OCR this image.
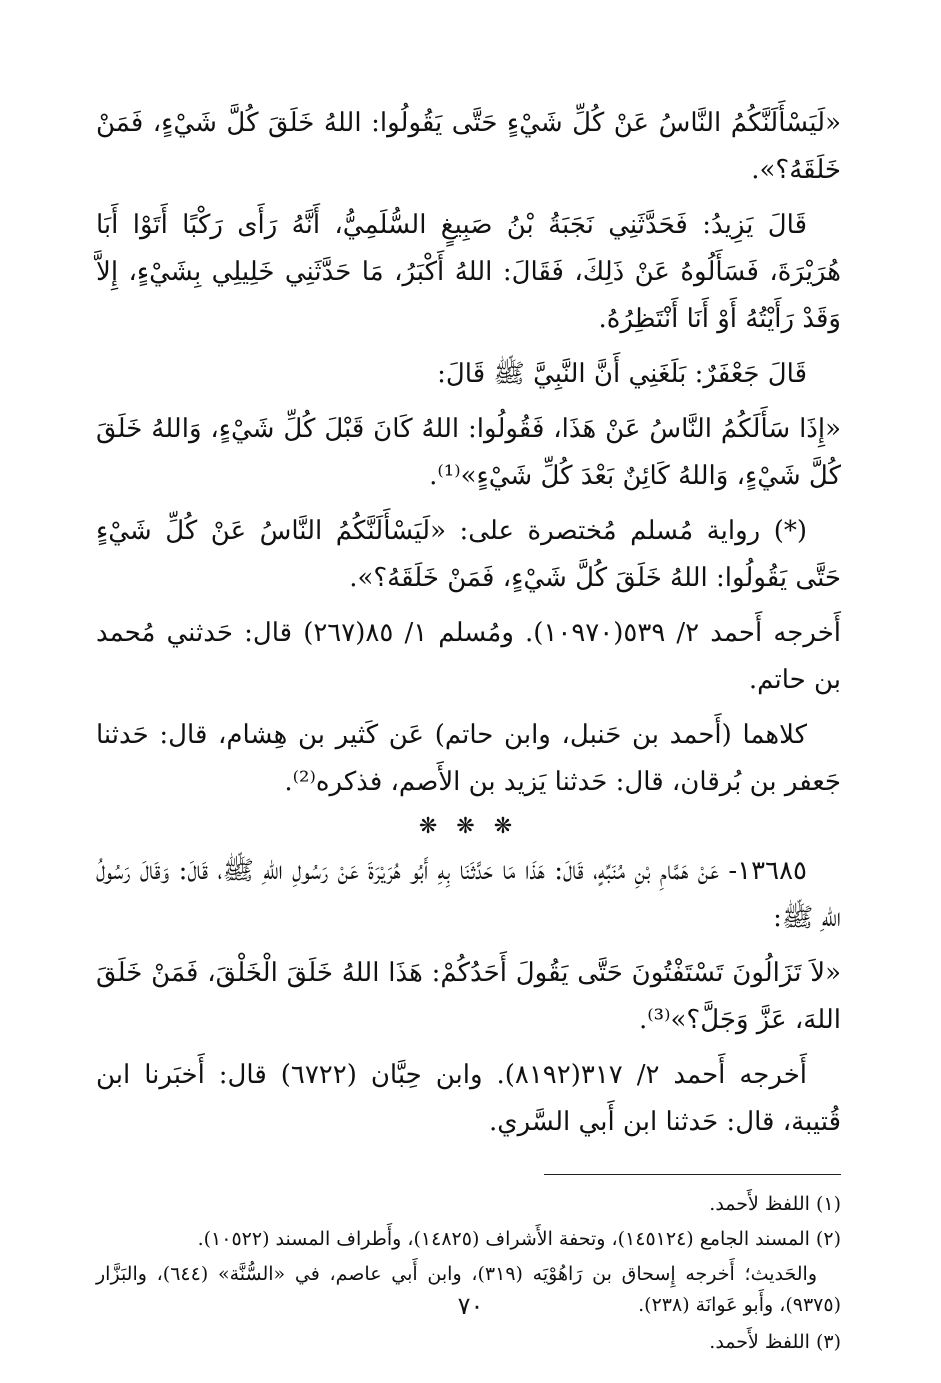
«لَيَسْأَلَنَّكُمُ النَّاسُ عَنْ كُلِّ شَيْءٍ حَتَّى يَقُولُوا: اللهُ خَلَقَ كُلَّ شَيْءٍ، فَمَنْ خَلَقَهُ؟».

قَالَ يَزِيدُ: فَحَدَّثَنِي نَجَبَةُ بْنُ صَبِيغٍ السُّلَمِيُّ، أَنَّهُ رَأَى رَكْبًا أَتَوْا أَبَا هُرَيْرَةَ، فَسَأَلُوهُ عَنْ ذَلِكَ، فَقَالَ: اللهُ أَكْبَرُ، مَا حَدَّثَنِي خَلِيلِي بِشَيْءٍ، إِلاَّ وَقَدْ رَأَيْتُهُ أَوْ أَنَا أَنْتَظِرُهُ.

قَالَ جَعْفَرٌ: بَلَغَنِي أَنَّ النَّبِيَّ ﷺ قَالَ:

«إِذَا سَأَلَكُمُ النَّاسُ عَنْ هَذَا، فَقُولُوا: اللهُ كَانَ قَبْلَ كُلِّ شَيْءٍ، وَاللهُ خَلَقَ كُلَّ شَيْءٍ، وَاللهُ كَائِنٌ بَعْدَ كُلِّ شَيْءٍ»⁽¹⁾.

(*) رواية مُسلم مُختصرة على: «لَيَسْأَلَنَّكُمُ النَّاسُ عَنْ كُلِّ شَيْءٍ حَتَّى يَقُولُوا: اللهُ خَلَقَ كُلَّ شَيْءٍ، فَمَنْ خَلَقَهُ؟».

أَخرجه أَحمد ٢/ ٥٣٩(١٠٩٧٠). ومُسلم ١/ ٨٥(٢٦٧) قال: حَدثني مُحمد بن حاتم.

كلاهما (أَحمد بن حَنبل، وابن حاتم) عَن كَثير بن هِشام، قال: حَدثنا جَعفر بن بُرقان، قال: حَدثنا يَزيد بن الأَصم، فذكره⁽²⁾.

❋ ❋ ❋

١٣٦٨٥- عَنْ هَمَّامِ بْنِ مُنَبِّهٍ، قَالَ: هَذَا مَا حَدَّثَنَا بِهِ أَبُو هُرَيْرَةَ عَنْ رَسُولِ اللهِ ﷺ، قَالَ: وَقَالَ رَسُولُ اللهِ ﷺ:

«لاَ تَزَالُونَ تَسْتَفْتُونَ حَتَّى يَقُولَ أَحَدُكُمْ: هَذَا اللهُ خَلَقَ الْخَلْقَ، فَمَنْ خَلَقَ اللهَ، عَزَّ وَجَلَّ؟»⁽³⁾.

أَخرجه أَحمد ٢/ ٣١٧(٨١٩٢). وابن حِبَّان (٦٧٢٢) قال: أَخبَرنا ابن قُتيبة، قال: حَدثنا ابن أَبي السَّري.

(١) اللفظ لأَحمد.

(٢) المسند الجامع (١٤٥١٢٤)، وتحفة الأَشراف (١٤٨٢٥)، وأَطراف المسند (١٠٥٢٢).

والحَديث؛ أَخرجه إِسحاق بن رَاهُوْيَه (٣١٩)، وابن أَبي عاصم، في «السُّنَّة» (٦٤٤)، والبَزَّار (٩٣٧٥)، وأَبو عَوانَة (٢٣٨).

(٣) اللفظ لأَحمد.

٧٠
